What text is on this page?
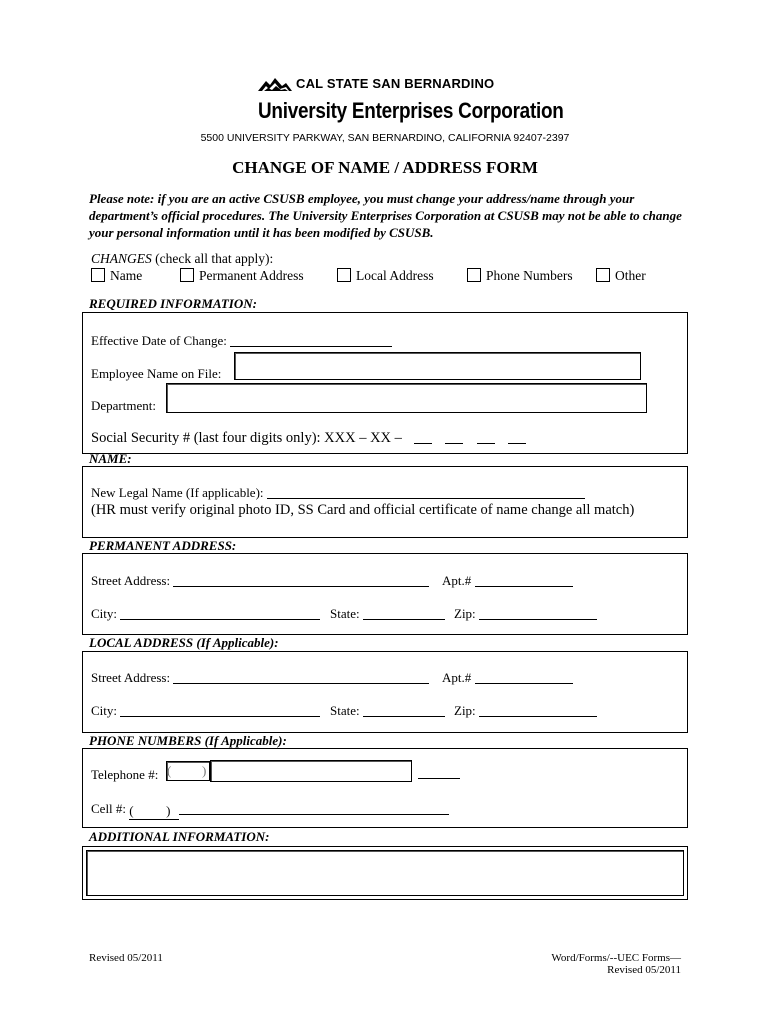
CAL STATE SAN BERNARDINO
University Enterprises Corporation
5500 UNIVERSITY PARKWAY, SAN BERNARDINO, CALIFORNIA 92407-2397
CHANGE OF NAME / ADDRESS FORM
Please note: if you are an active CSUSB employee, you must change your address/name through your department’s official procedures. The University Enterprises Corporation at CSUSB may not be able to change your personal information until it has been modified by CSUSB.
CHANGES (check all that apply):
Name	Permanent Address	Local Address	Phone Numbers	Other
REQUIRED INFORMATION:
Effective Date of Change:
Employee Name on File:
Department:
Social Security # (last four digits only): XXX – XX –
NAME:
New Legal Name (If applicable):
(HR must verify original photo ID, SS Card and official certificate of name change all match)
PERMANENT ADDRESS:
Street Address:	Apt.#
City:	State:	Zip:
LOCAL ADDRESS (If Applicable):
Street Address:	Apt.#
City:	State:	Zip:
PHONE NUMBERS (If Applicable):
Telephone #: ( )
Cell #: (          )
ADDITIONAL INFORMATION:
Revised 05/2011	Word/Forms/--UEC Forms—
Revised 05/2011
